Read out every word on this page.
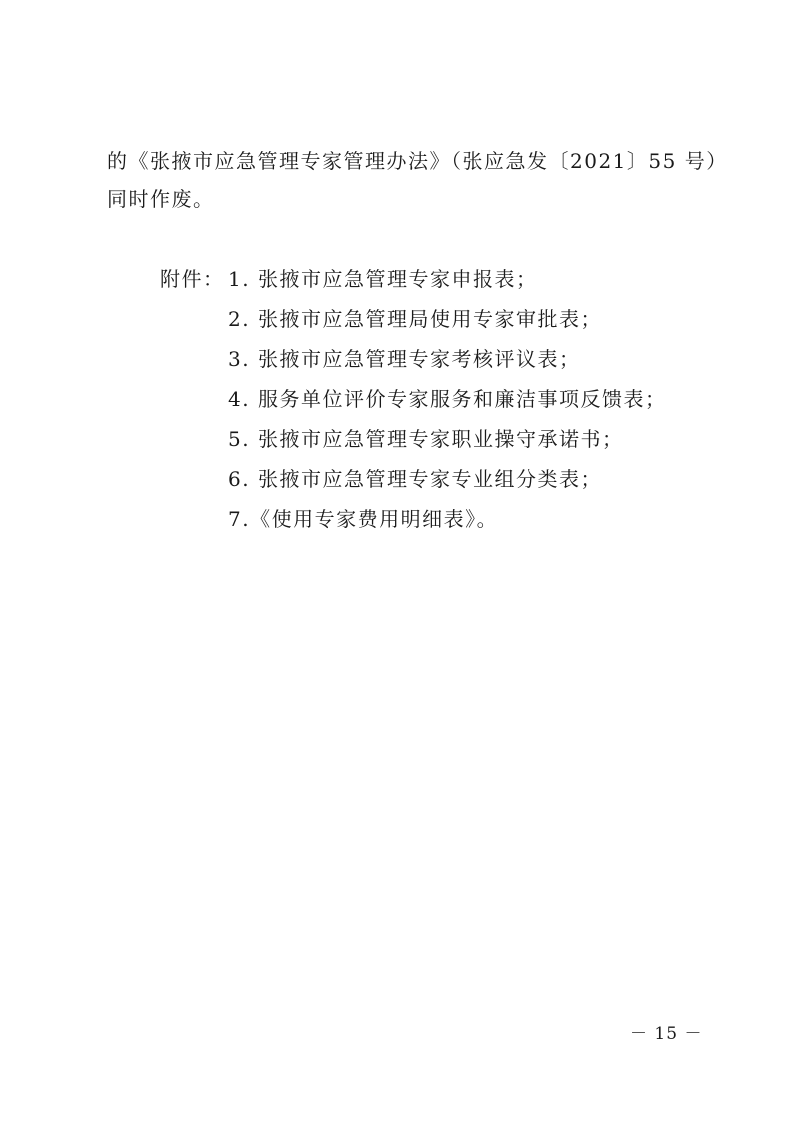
的《张掖市应急管理专家管理办法》（张应急发〔2021〕55 号）

同时作废。

附件： 1. 张掖市应急管理专家申报表；
2. 张掖市应急管理局使用专家审批表；
3. 张掖市应急管理专家考核评议表；
4. 服务单位评价专家服务和廉洁事项反馈表；
5. 张掖市应急管理专家职业操守承诺书；
6. 张掖市应急管理专家专业组分类表；
7.《使用专家费用明细表》。
－ 15 －
